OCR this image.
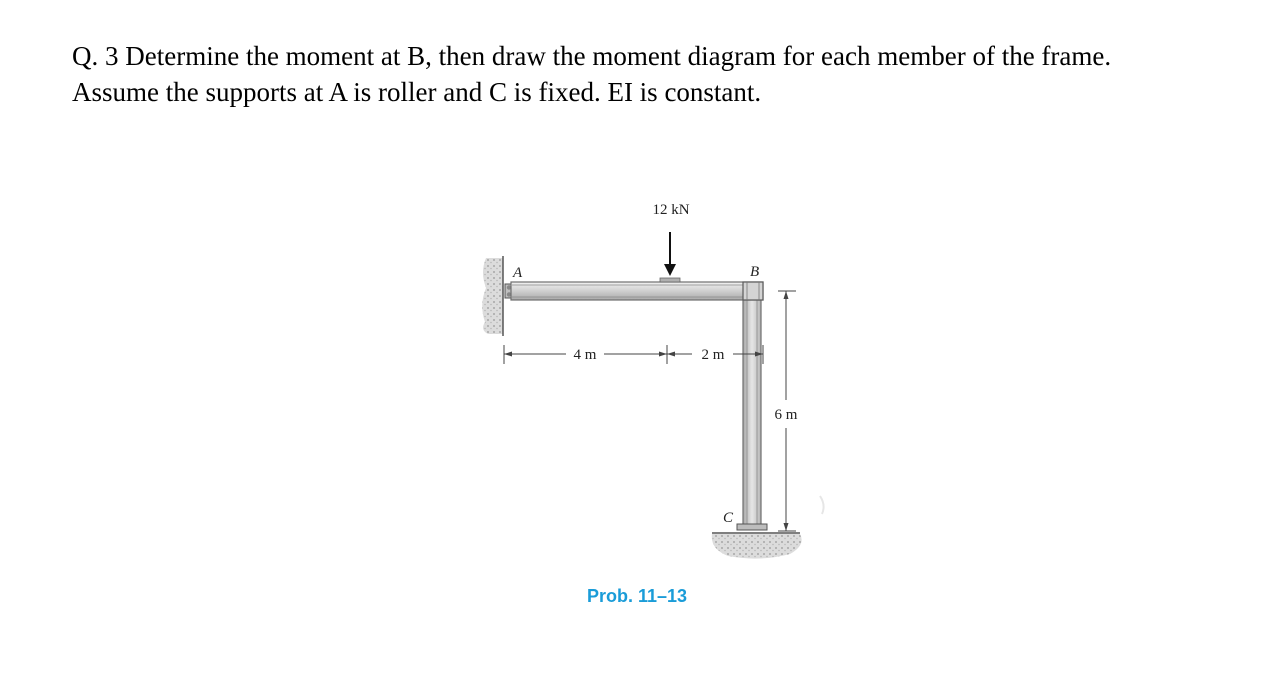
Q. 3 Determine the moment at B, then draw the moment diagram for each member of the frame.
Assume the supports at A is roller and C is fixed. EI is constant.
12 kN
A	B
C
4 m	2 m
6 m
Prob. 11–13
